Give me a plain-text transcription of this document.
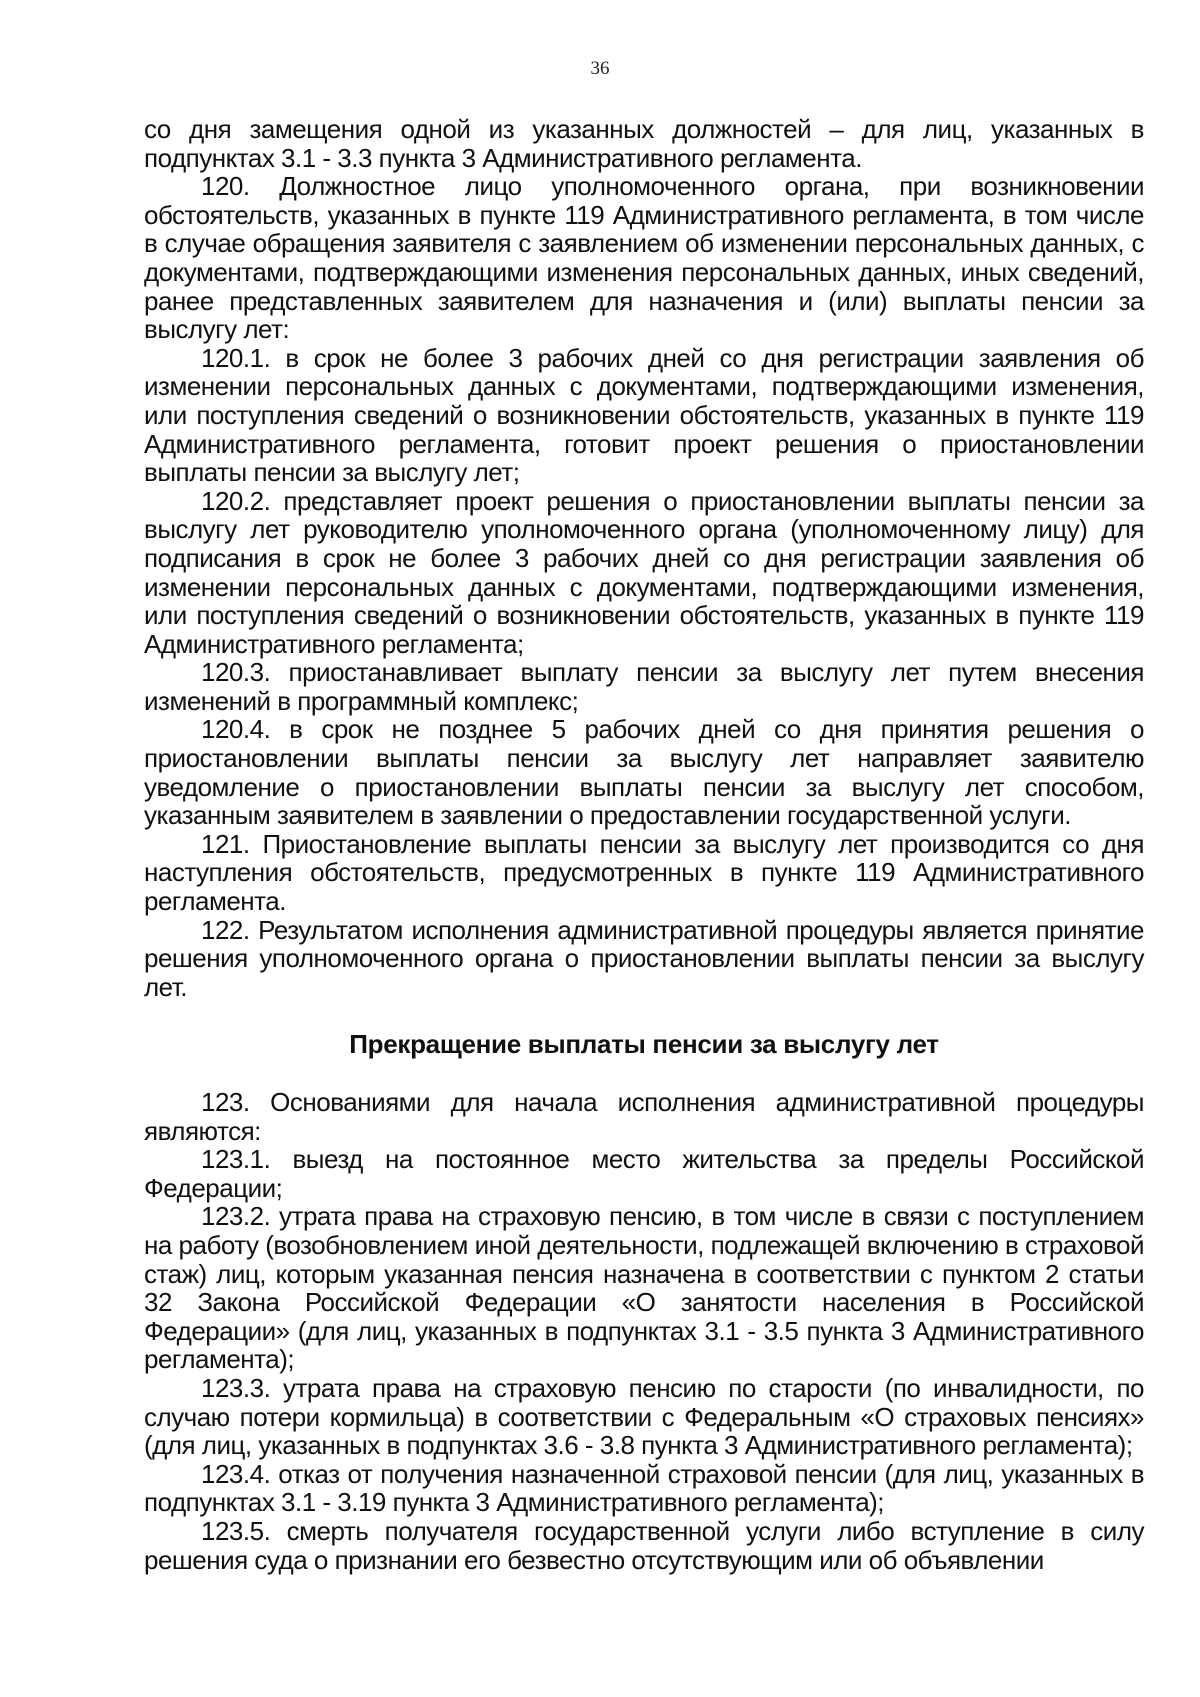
36

со дня замещения одной из указанных должностей – для лиц, указанных в подпунктах 3.1 - 3.3 пункта 3 Административного регламента.

120. Должностное лицо уполномоченного органа, при возникновении обстоятельств, указанных в пункте 119 Административного регламента, в том числе в случае обращения заявителя с заявлением об изменении персональных данных, с документами, подтверждающими изменения персональных данных, иных сведений, ранее представленных заявителем для назначения и (или) выплаты пенсии за выслугу лет:

120.1. в срок не более 3 рабочих дней со дня регистрации заявления об изменении персональных данных с документами, подтверждающими изменения, или поступления сведений о возникновении обстоятельств, указанных в пункте 119 Административного регламента, готовит проект решения о приостановлении выплаты пенсии за выслугу лет;

120.2. представляет проект решения о приостановлении выплаты пенсии за выслугу лет руководителю уполномоченного органа (уполномоченному лицу) для подписания в срок не более 3 рабочих дней со дня регистрации заявления об изменении персональных данных с документами, подтверждающими изменения, или поступления сведений о возникновении обстоятельств, указанных в пункте 119 Административного регламента;

120.3. приостанавливает выплату пенсии за выслугу лет путем внесения изменений в программный комплекс;

120.4. в срок не позднее 5 рабочих дней со дня принятия решения о приостановлении выплаты пенсии за выслугу лет направляет заявителю уведомление о приостановлении выплаты пенсии за выслугу лет способом, указанным заявителем в заявлении о предоставлении государственной услуги.

121. Приостановление выплаты пенсии за выслугу лет производится со дня наступления обстоятельств, предусмотренных в пункте 119 Административного регламента.

122. Результатом исполнения административной процедуры является принятие решения уполномоченного органа о приостановлении выплаты пенсии за выслугу лет.

Прекращение выплаты пенсии за выслугу лет

123. Основаниями для начала исполнения административной процедуры являются:

123.1. выезд на постоянное место жительства за пределы Российской Федерации;

123.2. утрата права на страховую пенсию, в том числе в связи с поступлением на работу (возобновлением иной деятельности, подлежащей включению в страховой стаж) лиц, которым указанная пенсия назначена в соответствии с пунктом 2 статьи 32 Закона Российской Федерации «О занятости населения в Российской Федерации» (для лиц, указанных в подпунктах 3.1 - 3.5 пункта 3 Административного регламента);

123.3. утрата права на страховую пенсию по старости (по инвалидности, по случаю потери кормильца) в соответствии с Федеральным «О страховых пенсиях» (для лиц, указанных в подпунктах 3.6 - 3.8 пункта 3 Административного регламента);

123.4. отказ от получения назначенной страховой пенсии (для лиц, указанных в подпунктах 3.1 - 3.19 пункта 3 Административного регламента);

123.5. смерть получателя государственной услуги либо вступление в силу решения суда о признании его безвестно отсутствующим или об объявлении
